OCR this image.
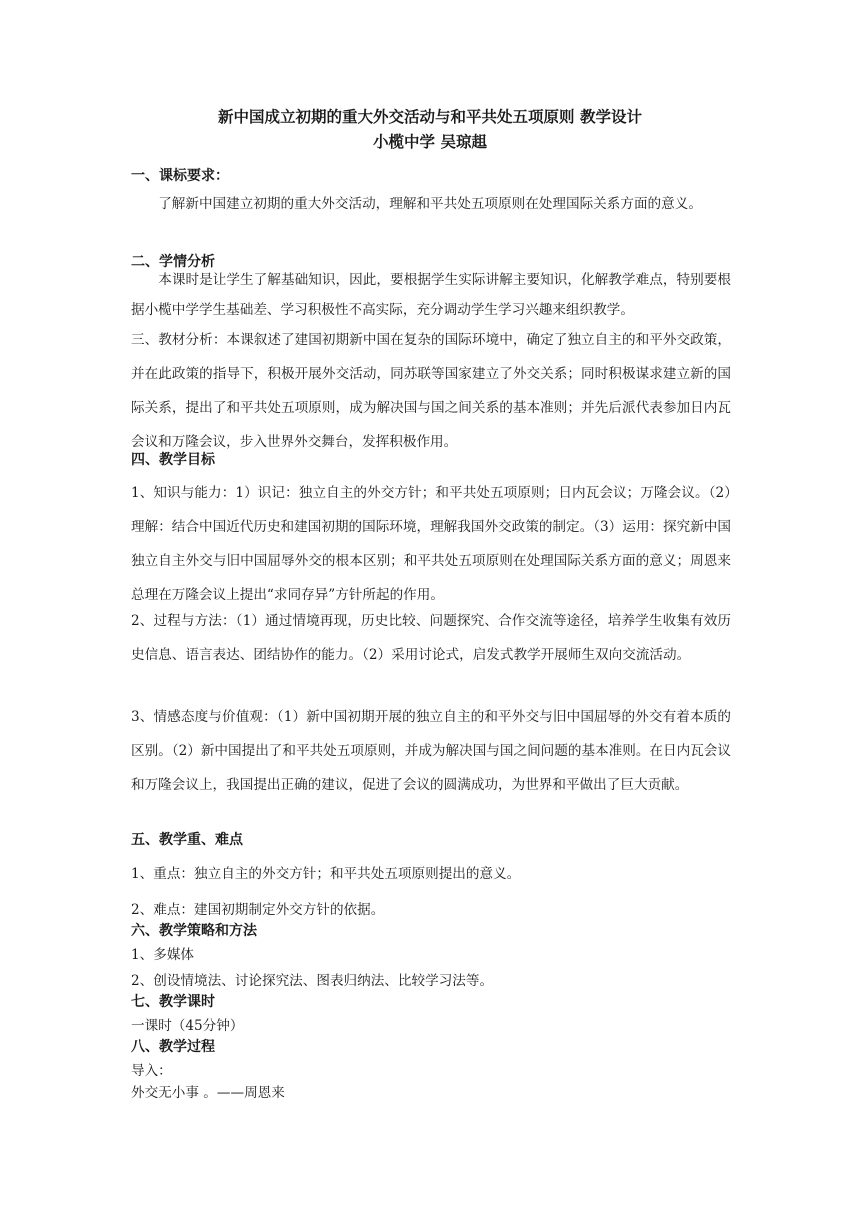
新中国成立初期的重大外交活动与和平共处五项原则 教学设计
小榄中学 吴琼趄
一、课标要求：
了解新中国建立初期的重大外交活动，理解和平共处五项原则在处理国际关系方面的意义。
二、学情分析
本课时是让学生了解基础知识，因此，要根据学生实际讲解主要知识，化解教学难点，特别要根据小榄中学学生基础差、学习积极性不高实际，充分调动学生学习兴趣来组织教学。
三、教材分析：本课叙述了建国初期新中国在复杂的国际环境中，确定了独立自主的和平外交政策，并在此政策的指导下，积极开展外交活动，同苏联等国家建立了外交关系；同时积极谋求建立新的国际关系，提出了和平共处五项原则，成为解决国与国之间关系的基本准则；并先后派代表参加日内瓦会议和万隆会议，步入世界外交舞台，发挥积极作用。
四、教学目标
1、知识与能力：1）识记：独立自主的外交方针；和平共处五项原则；日内瓦会议；万隆会议。（2）理解：结合中国近代历史和建国初期的国际环境，理解我国外交政策的制定。（3）运用：探究新中国独立自主外交与旧中国屈辱外交的根本区别；和平共处五项原则在处理国际关系方面的意义；周恩来总理在万隆会议上提出“求同存异”方针所起的作用。
2、过程与方法：（1）通过情境再现，历史比较、问题探究、合作交流等途径，培养学生收集有效历史信息、语言表达、团结协作的能力。（2）采用讨论式，启发式教学开展师生双向交流活动。
3、情感态度与价值观：（1）新中国初期开展的独立自主的和平外交与旧中国屈辱的外交有着本质的区别。（2）新中国提出了和平共处五项原则，并成为解决国与国之间问题的基本准则。在日内瓦会议和万隆会议上，我国提出正确的建议，促进了会议的圆满成功，为世界和平做出了巨大贡献。
五、教学重、难点
1、重点：独立自主的外交方针；和平共处五项原则提出的意义。
2、难点：建国初期制定外交方针的依据。
六、教学策略和方法
1、多媒体
2、创设情境法、讨论探究法、图表归纳法、比较学习法等。
七、教学课时
一课时（45分钟）
八、教学过程
导入：
外交无小事 。——周恩来
